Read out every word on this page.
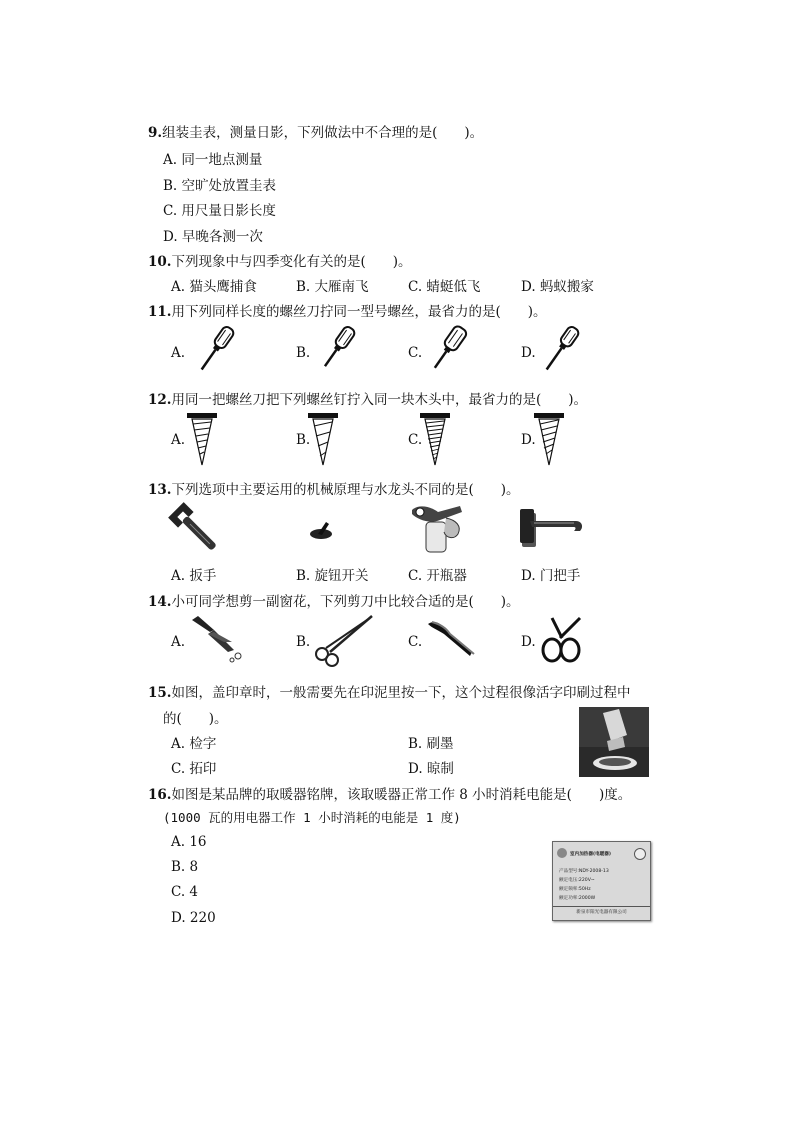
9.组装圭表，测量日影，下列做法中不合理的是(　　)。
A. 同一地点测量
B. 空旷处放置圭表
C. 用尺量日影长度
D. 早晚各测一次
10.下列现象中与四季变化有关的是(　　)。
A. 猫头鹰捕食	B. 大雁南飞	C. 蜻蜓低飞	D. 蚂蚁搬家
11.用下列同样长度的螺丝刀拧同一型号螺丝，最省力的是(　　)。
A.	B.	C.	D.
12.用同一把螺丝刀把下列螺丝钉拧入同一块木头中，最省力的是(　　)。
A.	B.	C.	D.
13.下列选项中主要运用的机械原理与水龙头不同的是(　　)。
A. 扳手	B. 旋钮开关	C. 开瓶器	D. 门把手
14.小可同学想剪一副窗花，下列剪刀中比较合适的是(　　)。
A.	B.	C.	D.
15.如图，盖印章时，一般需要先在印泥里按一下，这个过程很像活字印刷过程中
的(　　)。
A. 检字	B. 刷墨
C. 拓印	D. 晾制
16.如图是某品牌的取暖器铭牌，该取暖器正常工作 8 小时消耗电能是(　　)度。
(1000 瓦的用电器工作 1 小时消耗的电能是 1 度)
A. 16
B. 8
C. 4
D. 220
室内加热器(电暖器)
产品型号:NDY-2008-13
额定电压:220V~
额定频率:50Hz
额定功率:2000W
新泉市阳光电器有限公司
